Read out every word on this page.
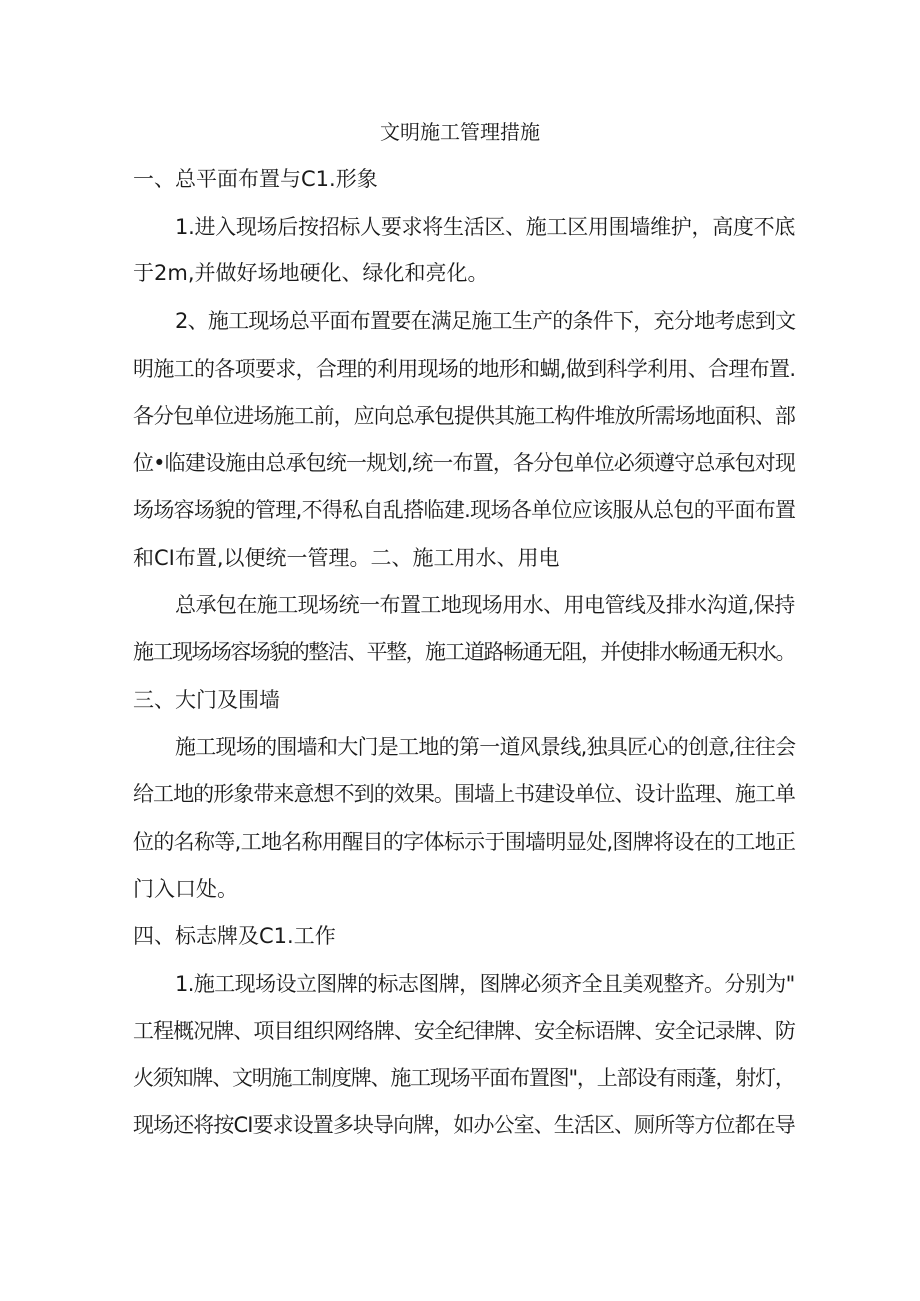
文明施工管理措施
一、总平面布置与C1.形象
1.进入现场后按招标人要求将生活区、施工区用围墙维护，高度不底
于2m,并做好场地硬化、绿化和亮化。
2、施工现场总平面布置要在满足施工生产的条件下，充分地考虑到文
明施工的各项要求，合理的利用现场的地形和蝴,做到科学利用、合理布置.
各分包单位进场施工前，应向总承包提供其施工构件堆放所需场地面积、部
位•临建设施由总承包统一规划,统一布置，各分包单位必须遵守总承包对现
场场容场貌的管理,不得私自乱搭临建.现场各单位应该服从总包的平面布置
和CI布置,以便统一管理。二、施工用水、用电
总承包在施工现场统一布置工地现场用水、用电管线及排水沟道,保持
施工现场场容场貌的整洁、平整，施工道路畅通无阻，并使排水畅通无积水。
三、大门及围墙
施工现场的围墙和大门是工地的第一道风景线,独具匠心的创意,往往会
给工地的形象带来意想不到的效果。围墙上书建设单位、设计监理、施工单
位的名称等,工地名称用醒目的字体标示于围墙明显处,图牌将设在的工地正
门入口处。
四、标志牌及C1.工作
1.施工现场设立图牌的标志图牌，图牌必须齐全且美观整齐。分别为"
工程概况牌、项目组织网络牌、安全纪律牌、安全标语牌、安全记录牌、防
火须知牌、文明施工制度牌、施工现场平面布置图"，上部设有雨蓬，射灯，
现场还将按CI要求设置多块导向牌，如办公室、生活区、厕所等方位都在导
